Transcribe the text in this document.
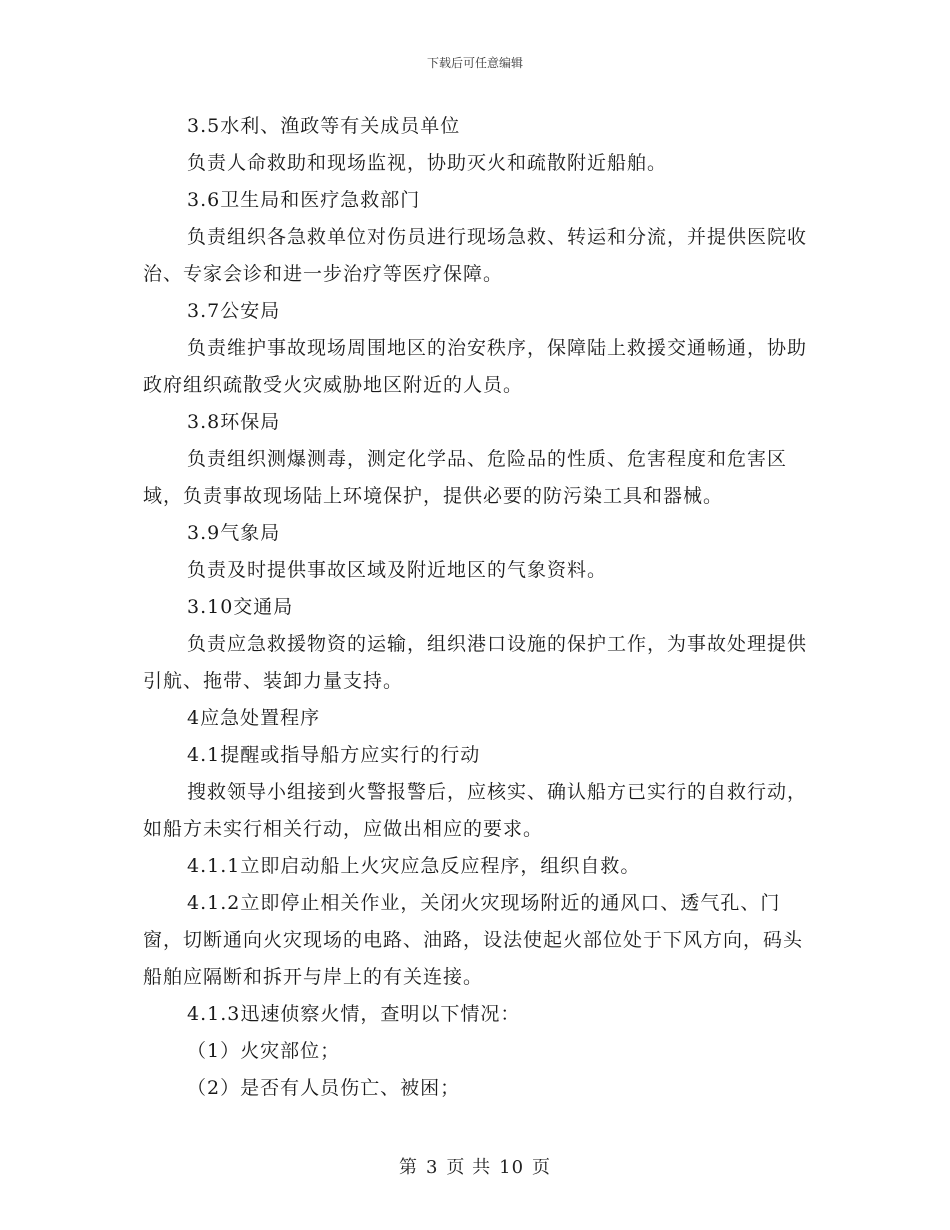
下载后可任意编辑

3.5水利、渔政等有关成员单位

负责人命救助和现场监视，协助灭火和疏散附近船舶。

3.6卫生局和医疗急救部门

负责组织各急救单位对伤员进行现场急救、转运和分流，并提供医院收治、专家会诊和进一步治疗等医疗保障。

3.7公安局

负责维护事故现场周围地区的治安秩序，保障陆上救援交通畅通，协助政府组织疏散受火灾威胁地区附近的人员。

3.8环保局

负责组织测爆测毒，测定化学品、危险品的性质、危害程度和危害区域，负责事故现场陆上环境保护，提供必要的防污染工具和器械。

3.9气象局

负责及时提供事故区域及附近地区的气象资料。

3.10交通局

负责应急救援物资的运输，组织港口设施的保护工作，为事故处理提供引航、拖带、装卸力量支持。

4应急处置程序

4.1提醒或指导船方应实行的行动

搜救领导小组接到火警报警后，应核实、确认船方已实行的自救行动，如船方未实行相关行动，应做出相应的要求。

4.1.1立即启动船上火灾应急反应程序，组织自救。

4.1.2立即停止相关作业，关闭火灾现场附近的通风口、透气孔、门窗，切断通向火灾现场的电路、油路，设法使起火部位处于下风方向，码头船舶应隔断和拆开与岸上的有关连接。

4.1.3迅速侦察火情，查明以下情况：

（1）火灾部位；

（2）是否有人员伤亡、被困；

第 3 页 共 10 页
